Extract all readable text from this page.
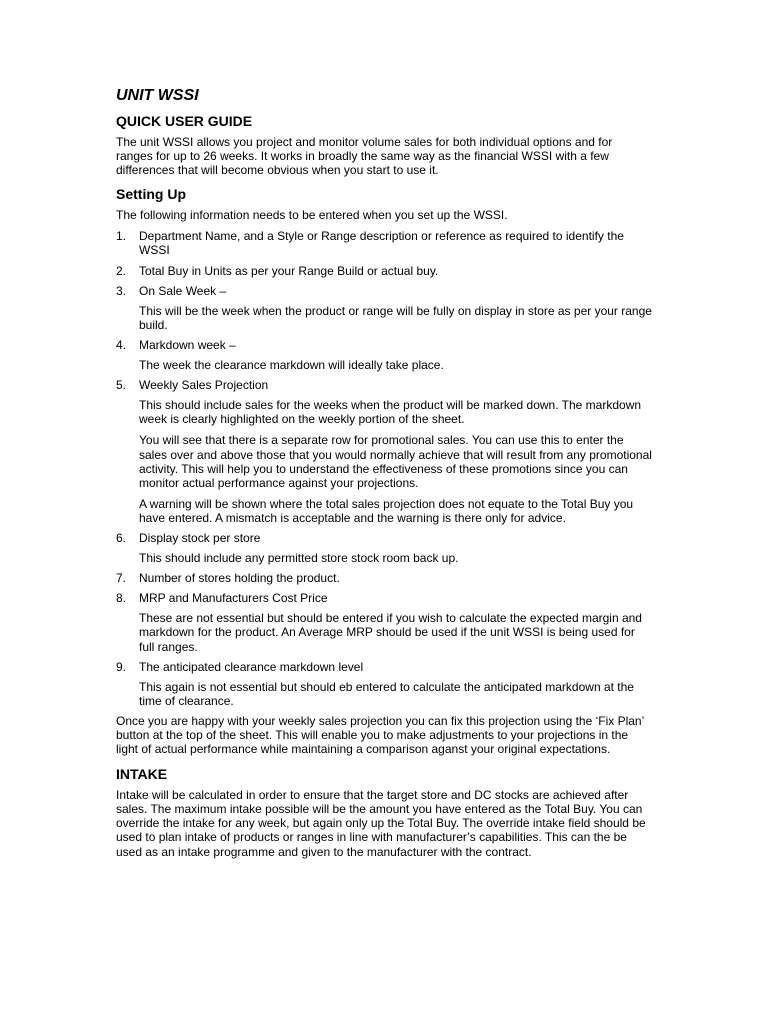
UNIT WSSI
QUICK USER GUIDE

The unit WSSI allows you project and monitor volume sales for both individual options and for ranges for up to 26 weeks. It works in broadly the same way as the financial WSSI with a few differences that will become obvious when you start to use it.

Setting Up

The following information needs to be entered when you set up the WSSI.

1.	Department Name, and a Style or Range description or reference as required to identify the WSSI
2.	Total Buy in Units as per your Range Build or actual buy.
3.	On Sale Week –

This will be the week when the product or range will be fully on display in store as per your range build.

4.	Markdown week –

The week the clearance markdown will ideally take place.

5.	Weekly Sales Projection

This should include sales for the weeks when the product will be marked down. The markdown week is clearly highlighted on the weekly portion of the sheet.

You will see that there is a separate row for promotional sales. You can use this to enter the sales over and above those that you would normally achieve that will result from any promotional activity. This will help you to understand the effectiveness of these promotions since you can monitor actual performance against your projections.

A warning will be shown where the total sales projection does not equate to the Total Buy you have entered. A mismatch is acceptable and the warning is there only for advice.

6.	Display stock per store

This should include any permitted store stock room back up.

7.	Number of stores holding the product.
8.	MRP and Manufacturers Cost Price

These are not essential but should be entered if you wish to calculate the expected margin and markdown for the product. An Average MRP should be used if the unit WSSI is being used for full ranges.

9.	The anticipated clearance markdown level

This again is not essential but should eb entered to calculate the anticipated markdown at the time of clearance.

Once you are happy with your weekly sales projection you can fix this projection using the ‘Fix Plan’ button at the top of the sheet. This will enable you to make adjustments to your projections in the light of actual performance while maintaining a comparison aganst your original expectations.

INTAKE

Intake will be calculated in order to ensure that the target store and DC stocks are achieved after sales. The maximum intake possible will be the amount you have entered as the Total Buy. You can override the intake for any week, but again only up the Total Buy. The override intake field should be used to plan intake of products or ranges in line with manufacturer’s capabilities. This can the be used as an intake programme and given to the manufacturer with the contract.
